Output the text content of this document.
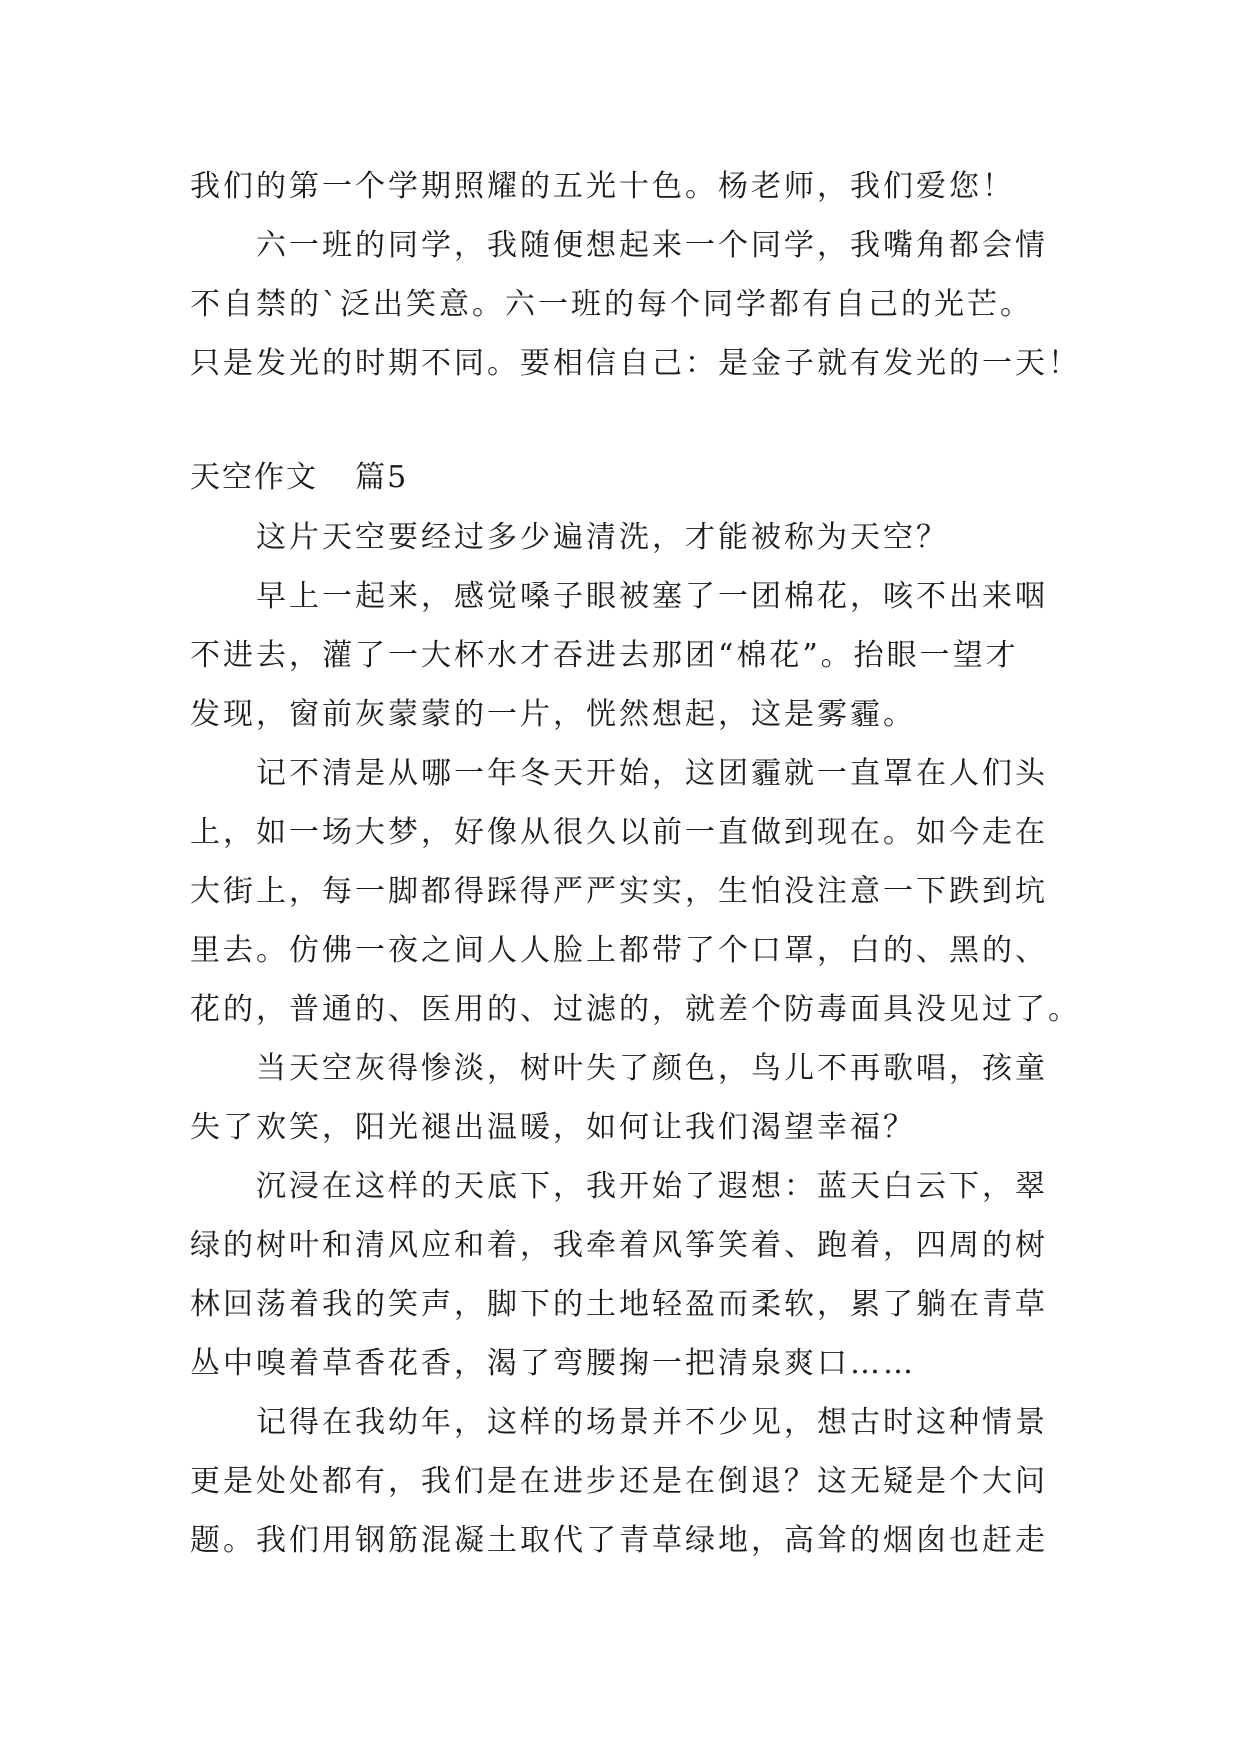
我们的第一个学期照耀的五光十色。杨老师，我们爱您！
六一班的同学，我随便想起来一个同学，我嘴角都会情
不自禁的`泛出笑意。六一班的每个同学都有自己的光芒。
只是发光的时期不同。要相信自己：是金子就有发光的一天！
天空作文 篇5
这片天空要经过多少遍清洗，才能被称为天空？
早上一起来，感觉嗓子眼被塞了一团棉花，咳不出来咽
不进去，灌了一大杯水才吞进去那团“棉花”。抬眼一望才
发现，窗前灰蒙蒙的一片，恍然想起，这是雾霾。
记不清是从哪一年冬天开始，这团霾就一直罩在人们头
上，如一场大梦，好像从很久以前一直做到现在。如今走在
大街上，每一脚都得踩得严严实实，生怕没注意一下跌到坑
里去。仿佛一夜之间人人脸上都带了个口罩，白的、黑的、
花的，普通的、医用的、过滤的，就差个防毒面具没见过了。
当天空灰得惨淡，树叶失了颜色，鸟儿不再歌唱，孩童
失了欢笑，阳光褪出温暖，如何让我们渴望幸福？
沉浸在这样的天底下，我开始了遐想：蓝天白云下，翠
绿的树叶和清风应和着，我牵着风筝笑着、跑着，四周的树
林回荡着我的笑声，脚下的土地轻盈而柔软，累了躺在青草
丛中嗅着草香花香，渴了弯腰掬一把清泉爽口……
记得在我幼年，这样的场景并不少见，想古时这种情景
更是处处都有，我们是在进步还是在倒退？这无疑是个大问
题。我们用钢筋混凝土取代了青草绿地，高耸的烟囱也赶走
